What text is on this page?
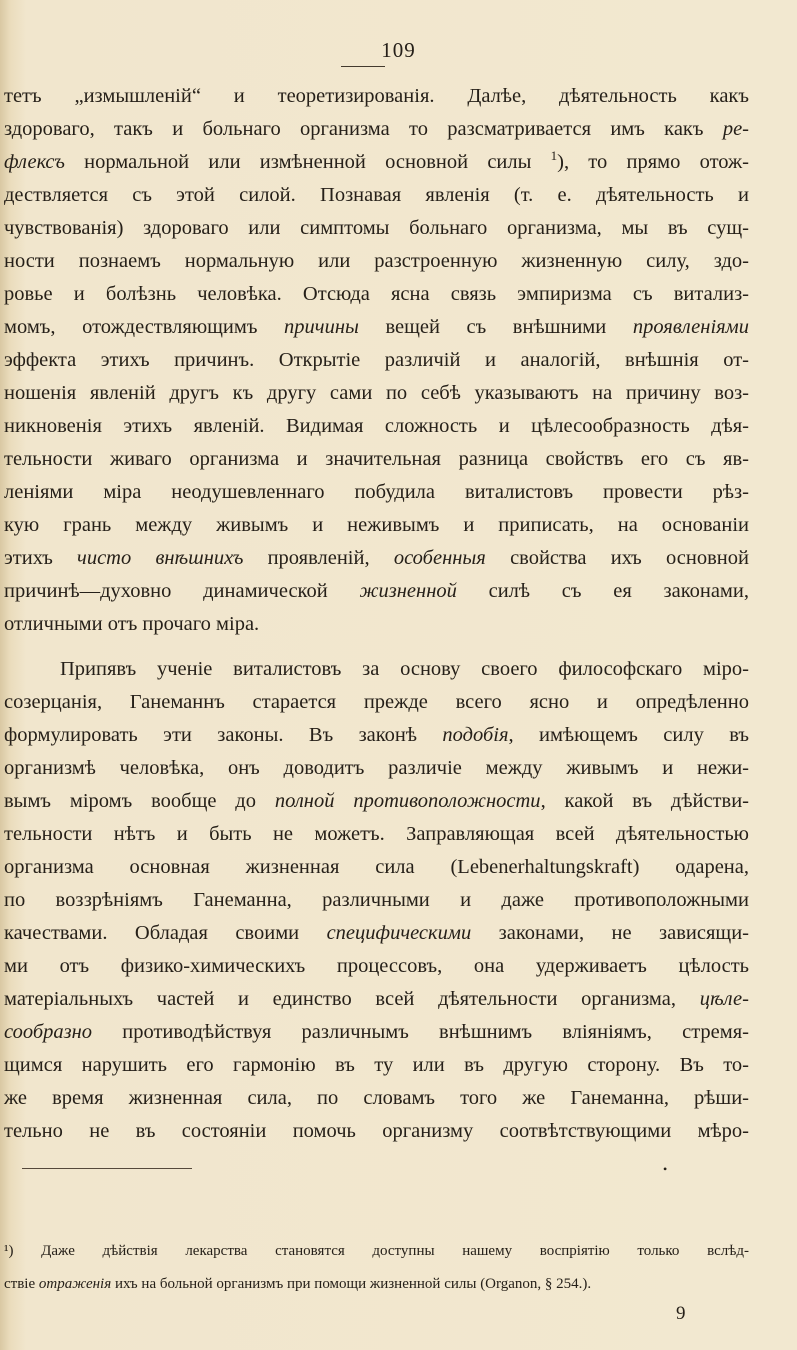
109
тетъ „измышленій“ и теоретизированія. Далѣе, дѣятельность какъ
здороваго, такъ и больнаго организма то разсматривается имъ какъ ре-
флексъ нормальной или измѣненной основной силы $^1$), то прямо отож-
дествляется съ этой силой. Познавая явленія (т. е. дѣятельность и
чувствованія) здороваго или симптомы больнаго организма, мы въ сущ-
ности познаемъ нормальную или разстроенную жизненную силу, здо-
ровье и болѣзнь человѣка. Отсюда ясна связь эмпиризма съ витализ-
момъ, отождествляющимъ причины вещей съ внѣшними проявленіями
эффекта этихъ причинъ. Открытіе различій и аналогій, внѣшнія от-
ношенія явленій другъ къ другу сами по себѣ указываютъ на причину воз-
никновенія этихъ явленій. Видимая сложность и цѣлесообразность дѣя-
тельности живаго организма и значительная разница свойствъ его съ яв-
леніями міра неодушевленнаго побудила виталистовъ провести рѣз-
кую грань между живымъ и неживымъ и приписать, на основаніи
этихъ чисто внѣшнихъ проявленій, особенныя свойства ихъ основной
причинѣ—духовно динамической жизненной силѣ съ ея законами,
отличными отъ прочаго міра.
Припявъ ученіе виталистовъ за основу своего философскаго міро-
созерцанія, Ганеманнъ старается прежде всего ясно и опредѣленно
формулировать эти законы. Въ законѣ подобія, имѣющемъ силу въ
организмѣ человѣка, онъ доводитъ различіе между живымъ и нежи-
вымъ міромъ вообще до полной противоположности, какой въ дѣйстви-
тельности нѣтъ и быть не можетъ. Заправляющая всей дѣятельностью
организма основная жизненная сила (Lebenerhaltungskraft) одарена,
по воззрѣніямъ Ганеманна, различными и даже противоположными
качествами. Обладая своими специфическими законами, не зависящи-
ми отъ физико-химическихъ процессовъ, она удерживаетъ цѣлость
матеріальныхъ частей и единство всей дѣятельности организма, цѣле-
сообразно противодѣйствуя различнымъ внѣшнимъ вліяніямъ, стремя-
щимся нарушить его гармонію въ ту или въ другую сторону. Въ то-
же время жизненная сила, по словамъ того же Ганеманна, рѣши-
тельно не въ состояніи помочь организму соотвѣтствующими мѣро-
•
¹) Даже дѣйствія лекарства становятся доступны нашему воспріятію только вслѣд-
ствіе отраженія ихъ на больной организмъ при помощи жизненной силы (Organon, § 254.).
9
